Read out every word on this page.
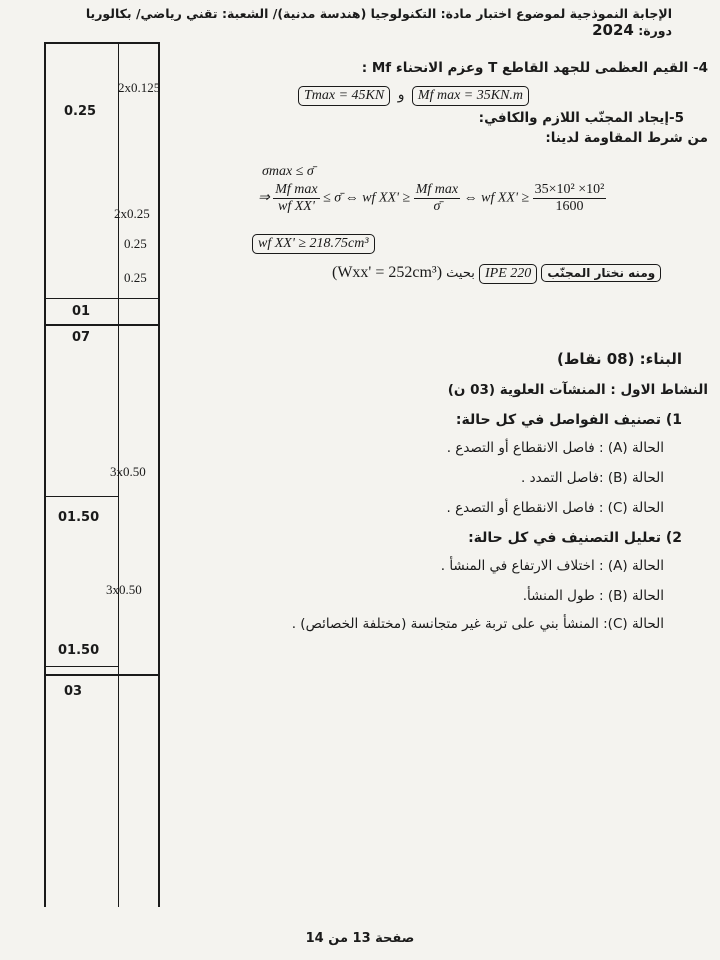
الإجابة النموذجية لموضوع اختبار مادة: التكنولوجيا (هندسة مدنية)/ الشعبة: تقني رياضي/ بكالوريا دورة: 2024
2x0.125
0.25
2x0.25
0.25
0.25
01
07
3x0.50
01.50
3x0.50
01.50
03
4- القيم العظمى للجهد القاطع T وعزم الانحناء Mf :
Tmax = 45KN و Mf max = 35KN.m
5-إيجاد المجنّب اللازم والكافي:
من شرط المقاومة لدينا:
σmax ≤ σ̄
⇒ $\frac{\text{Mf max}}{\text{wf XX'}}$ ≤ σ̄ ⇔ wf $XX' \ge \frac{\text{Mf max}}{\sigmā}$ ⇔ wf $XX' \ge \frac{\text{35×10² ×10²}}{1600}$
wf XX' ≥ 218.75cm³
ومنه نختار المجنّب IPE 220 بحيث (Wxx' = 252cm³)
البناء: (08 نقاط)
النشاط الاول : المنشآت العلوية (03 ن)
1) تصنيف الفواصل في كل حالة:
الحالة (A) : فاصل الانقطاع أو التصدع .
الحالة (B) :فاصل التمدد .
الحالة (C) : فاصل الانقطاع أو التصدع .
2) تعليل التصنيف في كل حالة:
الحالة (A) : اختلاف الارتفاع في المنشأ .
الحالة (B) : طول المنشأ.
الحالة (C): المنشأ بني على تربة غير متجانسة (مختلفة الخصائص) .
صفحة 13 من 14
